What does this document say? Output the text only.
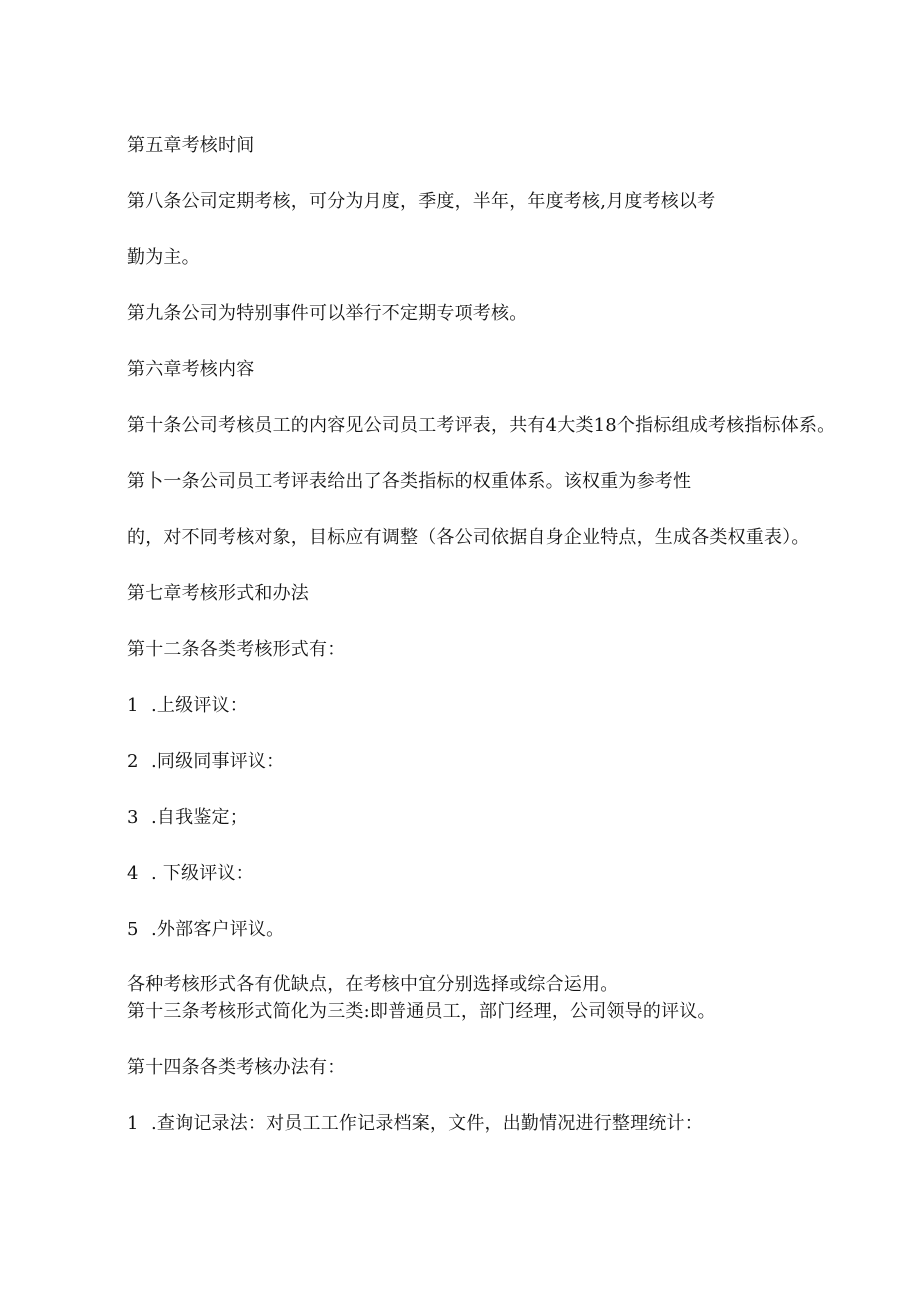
第五章考核时间
第八条公司定期考核，可分为月度，季度，半年，年度考核,月度考核以考
勤为主。
第九条公司为特别事件可以举行不定期专项考核。
第六章考核内容
第十条公司考核员工的内容见公司员工考评表，共有4大类18个指标组成考核指标体系。
第卜一条公司员工考评表给出了各类指标的权重体系。该权重为参考性
的，对不同考核对象，目标应有调整（各公司依据自身企业特点，生成各类权重表）。
第七章考核形式和办法
第十二条各类考核形式有：
1 .上级评议：
2 .同级同事评议：
3 .自我鉴定；
4 . 下级评议：
5 .外部客户评议。
各种考核形式各有优缺点，在考核中宜分别选择或综合运用。
第十三条考核形式简化为三类:即普通员工，部门经理，公司领导的评议。
第十四条各类考核办法有：
1 .查询记录法：对员工工作记录档案，文件，出勤情况进行整理统计：
